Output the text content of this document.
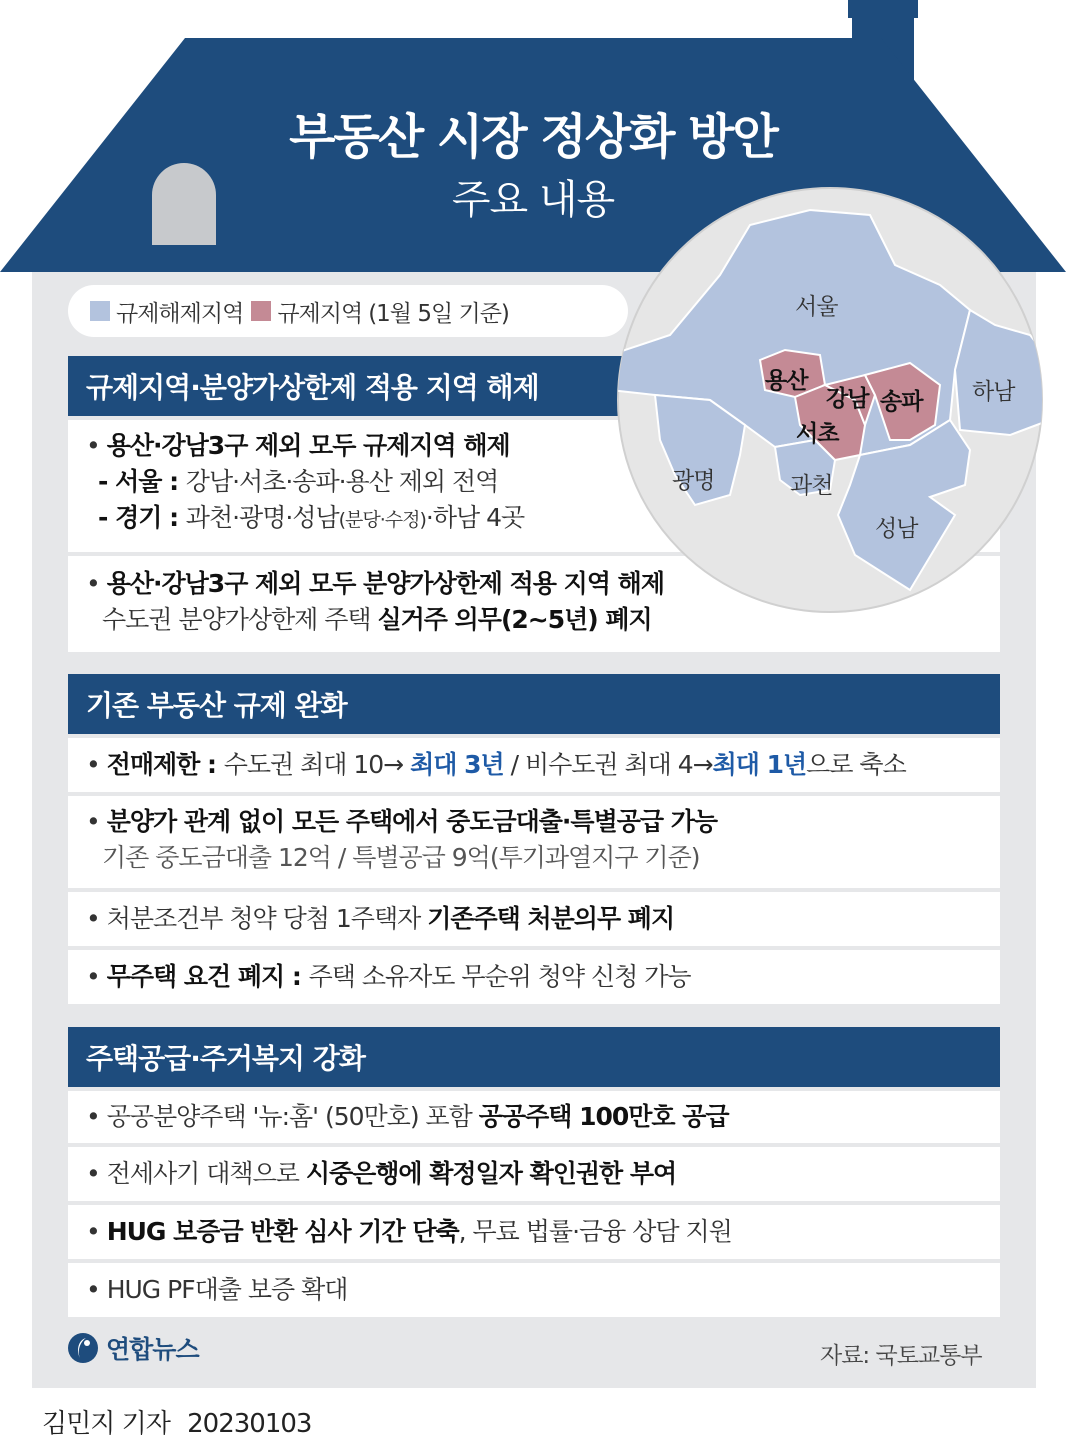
부동산 시장 정상화 방안
주요 내용
규제해제지역 규제지역 (1월 5일 기준)
규제지역·분양가상한제 적용 지역 해제
• 용산·강남3구 제외 모두 규제지역 해제
- 서울 : 강남·서초·송파·용산 제외 전역
- 경기 : 과천·광명·성남(분당·수정)·하남 4곳
• 용산·강남3구 제외 모두 분양가상한제 적용 지역 해제
수도권 분양가상한제 주택 실거주 의무(2~5년) 폐지
서울
용산
강남 송파
서초
하남
광명	과천
성남
기존 부동산 규제 완화
• 전매제한 : 수도권 최대 10→ 최대 3년 / 비수도권 최대 4→최대 1년으로 축소
• 분양가 관계 없이 모든 주택에서 중도금대출·특별공급 가능
기존 중도금대출 12억 / 특별공급 9억(투기과열지구 기준)
• 처분조건부 청약 당첨 1주택자 기존주택 처분의무 폐지
• 무주택 요건 폐지 : 주택 소유자도 무순위 청약 신청 가능
주택공급·주거복지 강화
• 공공분양주택 '뉴:홈' (50만호) 포함 공공주택 100만호 공급
• 전세사기 대책으로 시중은행에 확정일자 확인권한 부여
• HUG 보증금 반환 심사 기간 단축, 무료 법률·금융 상담 지원
• HUG PF대출 보증 확대
연합뉴스	자료: 국토교통부
김민지 기자 20230103
